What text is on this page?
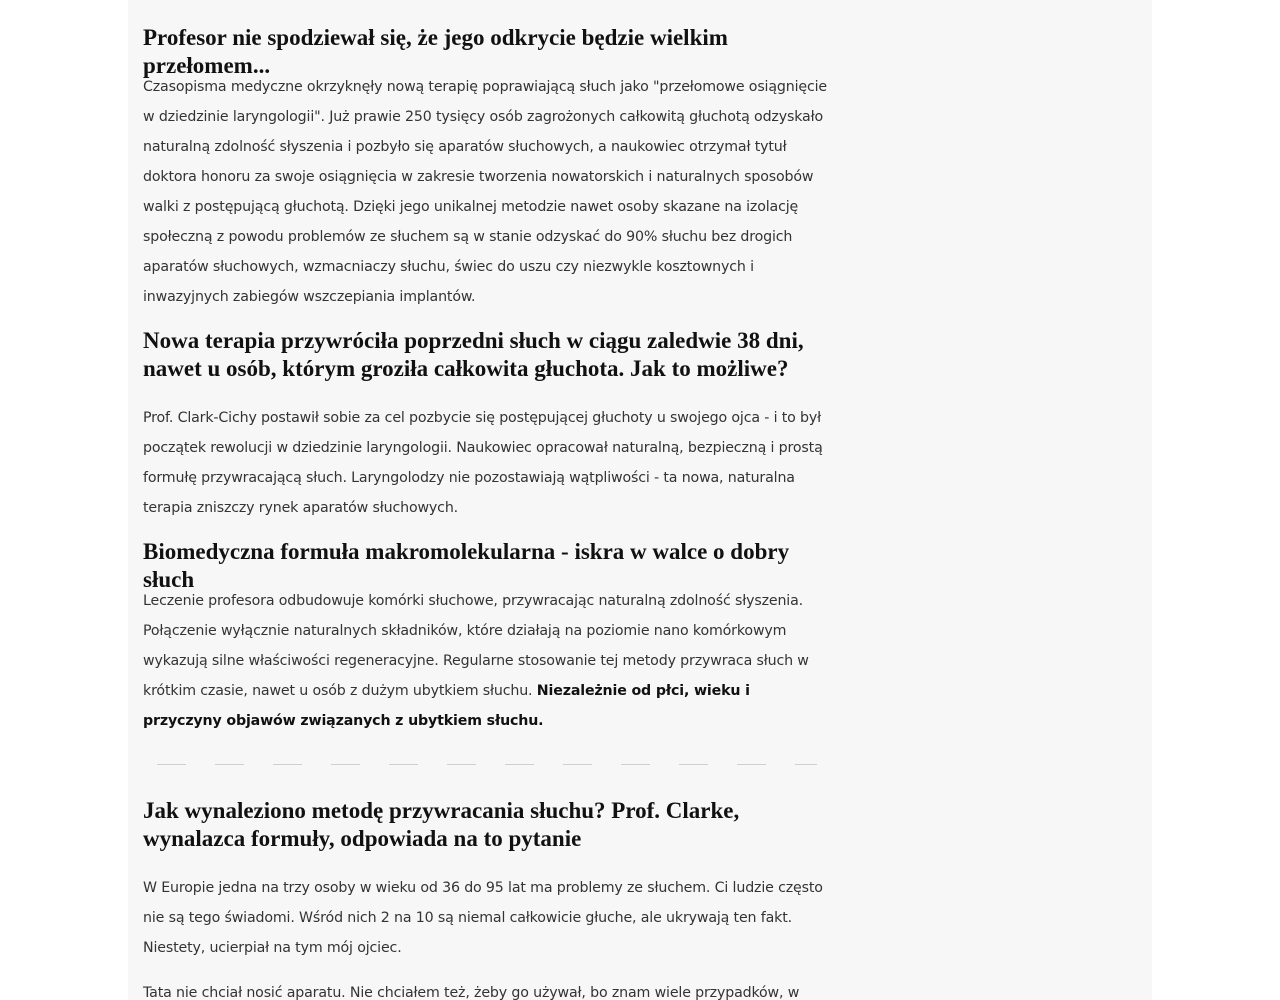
Profesor nie spodziewał się, że jego odkrycie będzie wielkim przełomem...

Czasopisma medyczne okrzyknęły nową terapię poprawiającą słuch jako "przełomowe osiągnięcie w dziedzinie laryngologii". Już prawie 250 tysięcy osób zagrożonych całkowitą głuchotą odzyskało naturalną zdolność słyszenia i pozbyło się aparatów słuchowych, a naukowiec otrzymał tytuł doktora honoru za swoje osiągnięcia w zakresie tworzenia nowatorskich i naturalnych sposobów walki z postępującą głuchotą. Dzięki jego unikalnej metodzie nawet osoby skazane na izolację społeczną z powodu problemów ze słuchem są w stanie odzyskać do 90% słuchu bez drogich aparatów słuchowych, wzmacniaczy słuchu, świec do uszu czy niezwykle kosztownych i inwazyjnych zabiegów wszczepiania implantów.

Nowa terapia przywróciła poprzedni słuch w ciągu zaledwie 38 dni, nawet u osób, którym groziła całkowita głuchota. Jak to możliwe?

Prof. Clark-Cichy postawił sobie za cel pozbycie się postępującej głuchoty u swojego ojca - i to był początek rewolucji w dziedzinie laryngologii. Naukowiec opracował naturalną, bezpieczną i prostą formułę przywracającą słuch. Laryngolodzy nie pozostawiają wątpliwości - ta nowa, naturalna terapia zniszczy rynek aparatów słuchowych.

Biomedyczna formuła makromolekularna - iskra w walce o dobry słuch

Leczenie profesora odbudowuje komórki słuchowe, przywracając naturalną zdolność słyszenia. Połączenie wyłącznie naturalnych składników, które działają na poziomie nano komórkowym wykazują silne właściwości regeneracyjne. Regularne stosowanie tej metody przywraca słuch w krótkim czasie, nawet u osób z dużym ubytkiem słuchu. Niezależnie od płci, wieku i przyczyny objawów związanych z ubytkiem słuchu.

Jak wynaleziono metodę przywracania słuchu? Prof. Clarke, wynalazca formuły, odpowiada na to pytanie

W Europie jedna na trzy osoby w wieku od 36 do 95 lat ma problemy ze słuchem. Ci ludzie często nie są tego świadomi. Wśród nich 2 na 10 są niemal całkowicie głuche, ale ukrywają ten fakt. Niestety, ucierpiał na tym mój ojciec.

Tata nie chciał nosić aparatu. Nie chciałem też, żeby go używał, bo znam wiele przypadków, w
